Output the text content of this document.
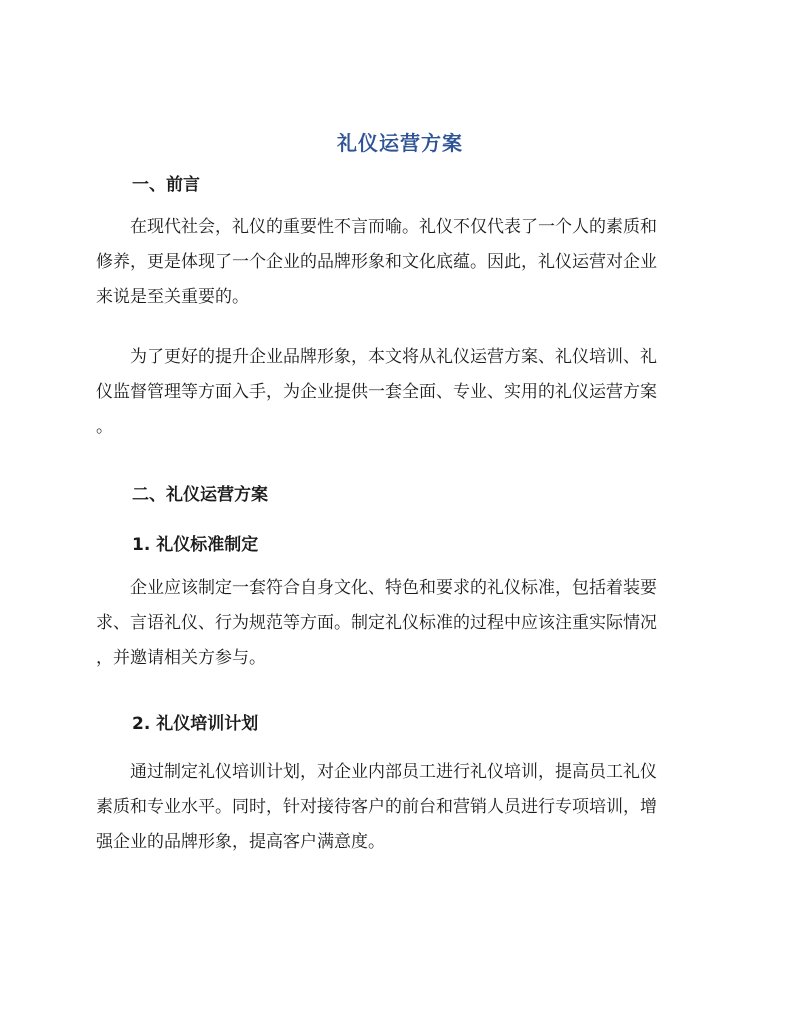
礼仪运营方案
一、前言

在现代社会，礼仪的重要性不言而喻。礼仪不仅代表了一个人的素质和
修养，更是体现了一个企业的品牌形象和文化底蕴。因此，礼仪运营对企业
来说是至关重要的。

为了更好的提升企业品牌形象，本文将从礼仪运营方案、礼仪培训、礼
仪监督管理等方面入手，为企业提供一套全面、专业、实用的礼仪运营方案
。

二、礼仪运营方案
1. 礼仪标准制定

企业应该制定一套符合自身文化、特色和要求的礼仪标准，包括着装要
求、言语礼仪、行为规范等方面。制定礼仪标准的过程中应该注重实际情况
，并邀请相关方参与。

2. 礼仪培训计划

通过制定礼仪培训计划，对企业内部员工进行礼仪培训，提高员工礼仪
素质和专业水平。同时，针对接待客户的前台和营销人员进行专项培训，增
强企业的品牌形象，提高客户满意度。
